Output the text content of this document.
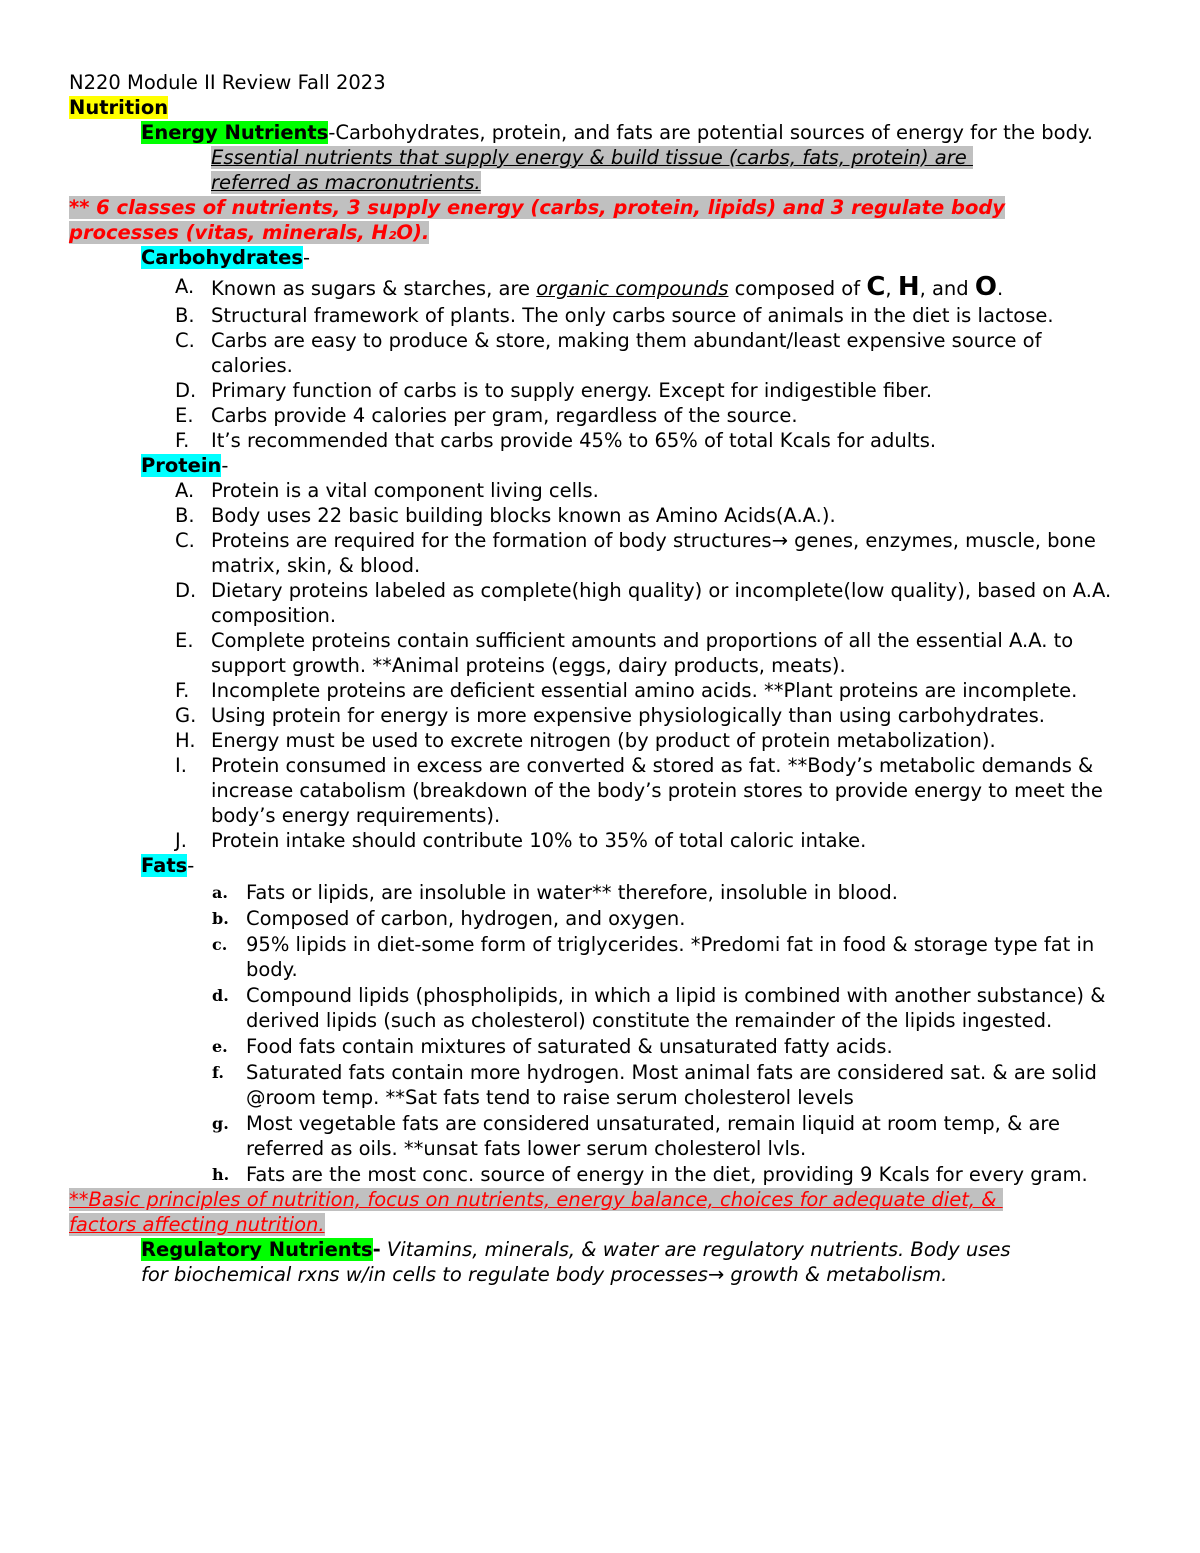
N220 Module II Review Fall 2023
Nutrition
Energy Nutrients-Carbohydrates, protein, and fats are potential sources of energy for the body.
Essential nutrients that supply energy & build tissue (carbs, fats, protein) are
referred as macronutrients.
** 6 classes of nutrients, 3 supply energy (carbs, protein, lipids) and 3 regulate body
processes (vitas, minerals, H₂O).
Carbohydrates-
A. Known as sugars & starches, are organic compounds composed of C, H, and O.
B. Structural framework of plants. The only carbs source of animals in the diet is lactose.
C. Carbs are easy to produce & store, making them abundant/least expensive source of calories.
D. Primary function of carbs is to supply energy. Except for indigestible fiber.
E. Carbs provide 4 calories per gram, regardless of the source.
F.	It’s recommended that carbs provide 45% to 65% of total Kcals for adults.
Protein-
A. Protein is a vital component living cells.
B. Body uses 22 basic building blocks known as Amino Acids(A.A.).
C. Proteins are required for the formation of body structures→ genes, enzymes, muscle, bone matrix, skin, & blood.
D. Dietary proteins labeled as complete(high quality) or incomplete(low quality), based on A.A. composition.
E. Complete proteins contain sufficient amounts and proportions of all the essential A.A. to support growth. **Animal proteins (eggs, dairy products, meats).
F.	Incomplete proteins are deficient essential amino acids. **Plant proteins are incomplete.
G. Using protein for energy is more expensive physiologically than using carbohydrates.
H. Energy must be used to excrete nitrogen (by product of protein metabolization).
I.	Protein consumed in excess are converted & stored as fat. **Body’s metabolic demands & increase catabolism (breakdown of the body’s protein stores to provide energy to meet the body’s energy requirements).
J.	Protein intake should contribute 10% to 35% of total caloric intake.
Fats-
a. Fats or lipids, are insoluble in water** therefore, insoluble in blood.
b. Composed of carbon, hydrogen, and oxygen.
c. 95% lipids in diet-some form of triglycerides. *Predomi fat in food & storage type fat in body.
d. Compound lipids (phospholipids, in which a lipid is combined with another substance) & derived lipids (such as cholesterol) constitute the remainder of the lipids ingested.
e. Food fats contain mixtures of saturated & unsaturated fatty acids.
f.	Saturated fats contain more hydrogen. Most animal fats are considered sat. & are solid @room temp. **Sat fats tend to raise serum cholesterol levels
g. Most vegetable fats are considered unsaturated, remain liquid at room temp, & are referred as oils. **unsat fats lower serum cholesterol lvls.
h. Fats are the most conc. source of energy in the diet, providing 9 Kcals for every gram.
**Basic principles of nutrition, focus on nutrients, energy balance, choices for adequate diet, &
factors affecting nutrition.
Regulatory Nutrients- Vitamins, minerals, & water are regulatory nutrients. Body uses
for biochemical rxns w/in cells to regulate body processes→ growth & metabolism.
